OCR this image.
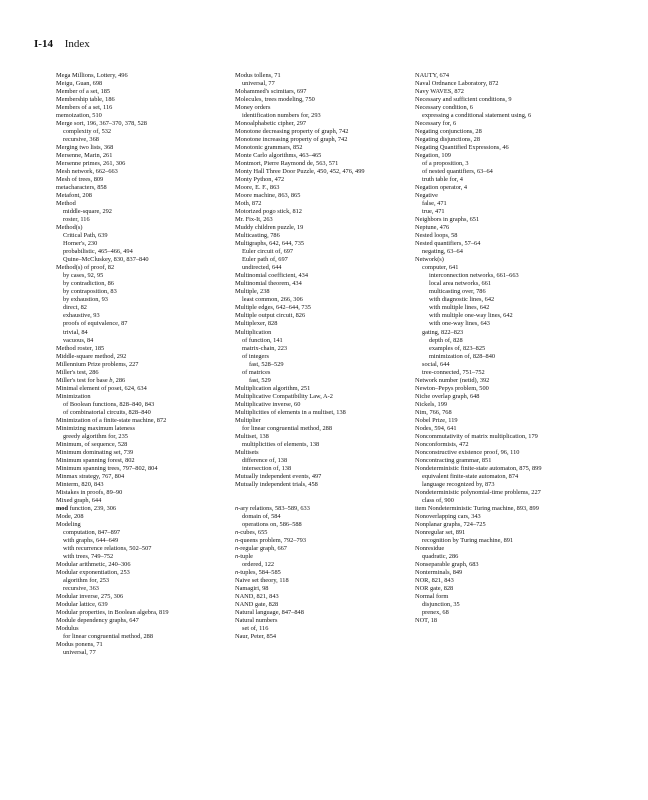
I-14 Index
Mega Millions, Lottery, 496
Meigu, Guan, 698
Member of a set, 185
Membership table, 186
Members of a set, 116
memoization, 510
Merge sort, 196, 367–370, 378, 528
complexity of, 532
recursive, 368
Merging two lists, 368
Mersenne, Marin, 261
Mersenne primes, 261, 306
Mesh network, 662–663
Mesh of trees, 809
metacharacters, 858
Metafont, 208
Method
middle-square, 292
roster, 116
Method(s)
Critical Path, 639
Horner's, 230
probabilistic, 465–466, 494
Quine–McCluskey, 830, 837–840
Method(s) of proof, 82
by cases, 92, 95
by contradiction, 86
by contraposition, 83
by exhaustion, 93
direct, 82
exhaustive, 93
proofs of equivalence, 87
trivial, 84
vacuous, 84
Method roster, 185
Middle-square method, 292
Millennium Prize problems, 227
Miller's test, 286
Miller's test for base b, 286
Minimal element of poset, 624, 634
Minimization
of Boolean functions, 828–840, 843
of combinatorial circuits, 828–840
Minimization of a finite-state machine, 872
Minimizing maximum lateness
greedy algorithm for, 235
Minimum, of sequence, 528
Minimum dominating set, 739
Minimum spanning forest, 802
Minimum spanning trees, 797–802, 804
Minmax strategy, 767, 804
Minterm, 820, 843
Mistakes in proofs, 89–90
Mixed graph, 644
mod function, 239, 306
Mode, 208
Modeling
computation, 847–897
with graphs, 644–649
with recurrence relations, 502–507
with trees, 749–752
Modular arithmetic, 240–306
Modular exponentiation, 253
algorithm for, 253
recursive, 363
Modular inverse, 275, 306
Modular lattice, 639
Modular properties, in Boolean algebra, 819
Module dependency graphs, 647
Modulus
for linear congruential method, 288
Modus ponens, 71
universal, 77
Modus tollens, 71
universal, 77
Mohammed's scimitars, 697
Molecules, trees modeling, 750
Money orders
identification numbers for, 293
Monoalphabetic cipher, 297
Monotone decreasing property of graph, 742
Monotone increasing property of graph, 742
Monotonic grammars, 852
Monte Carlo algorithms, 463–465
Montmort, Pierre Raymond de, 563, 571
Monty Hall Three Door Puzzle, 450, 452, 476, 499
Monty Python, 472
Moore, E. F., 863
Moore machine, 863, 865
Moth, 872
Motorized pogo stick, 812
Mr. Fix-It, 263
Muddy children puzzle, 19
Multicasting, 786
Multigraphs, 642, 644, 735
Euler circuit of, 697
Euler path of, 697
undirected, 644
Multinomial coefficient, 434
Multinomial theorem, 434
Multiple, 238
least common, 266, 306
Multiple edges, 642–644, 735
Multiple output circuit, 826
Multiplexer, 828
Multiplication
of function, 141
matrix-chain, 223
of integers
fast, 528–529
of matrices
fast, 529
Multiplication algorithm, 251
Multiplicative Compatibility Law, A-2
Multiplicative inverse, 60
Multiplicities of elements in a multiset, 138
Multiplier
for linear congruential method, 288
Multiset, 138
multiplicities of elements, 138
Multisets
difference of, 138
intersection of, 138
Mutually independent events, 497
Mutually independent trials, 458
n-ary relations, 583–589, 633
domain of, 584
operations on, 586–588
n-cubes, 655
n-queens problem, 792–793
n-regular graph, 667
n-tuple
ordered, 122
n-tuples, 584–585
Naive set theory, 118
Namagiri, 98
NAND, 821, 843
NAND gate, 828
Natural language, 847–848
Natural numbers
set of, 116
Naur, Peter, 854
NAUTY, 674
Naval Ordnance Laboratory, 872
Navy WAVES, 872
Necessary and sufficient conditions, 9
Necessary condition, 6
expressing a conditional statement using, 6
Necessary for, 6
Negating conjunctions, 28
Negating disjunctions, 28
Negating Quantified Expressions, 46
Negation, 109
of a proposition, 3
of nested quantifiers, 63–64
truth table for, 4
Negation operator, 4
Negative
false, 471
true, 471
Neighbors in graphs, 651
Neptune, 476
Nested loops, 58
Nested quantifiers, 57–64
negating, 63–64
Network(s)
computer, 641
interconnection networks, 661–663
local area networks, 661
multicasting over, 786
with diagnostic lines, 642
with multiple lines, 642
with multiple one-way lines, 642
with one-way lines, 643
gating, 822–823
depth of, 828
examples of, 823–825
minimization of, 828–840
social, 644
tree-connected, 751–752
Network number (netid), 392
Newton–Pepys problem, 500
Niche overlap graph, 648
Nickels, 199
Nim, 766, 768
Nobel Prize, 119
Nodes, 594, 641
Noncommutativity of matrix multiplication, 179
Nonconformists, 472
Nonconstructive existence proof, 96, 110
Noncontracting grammar, 851
Nondeterministic finite-state automaton, 875, 899
equivalent finite-state automaton, 874
language recognized by, 873
Nondeterministic polynomial-time problems, 227
class of, 900
item Nondeterministic Turing machine, 893, 899
Nonoverlapping cars, 343
Nonplanar graphs, 724–725
Nonregular set, 891
recognition by Turing machine, 891
Nonresidue
quadratic, 286
Nonseparable graph, 683
Nonterminals, 849
NOR, 821, 843
NOR gate, 828
Normal form
disjunction, 35
prenex, 68
NOT, 18
